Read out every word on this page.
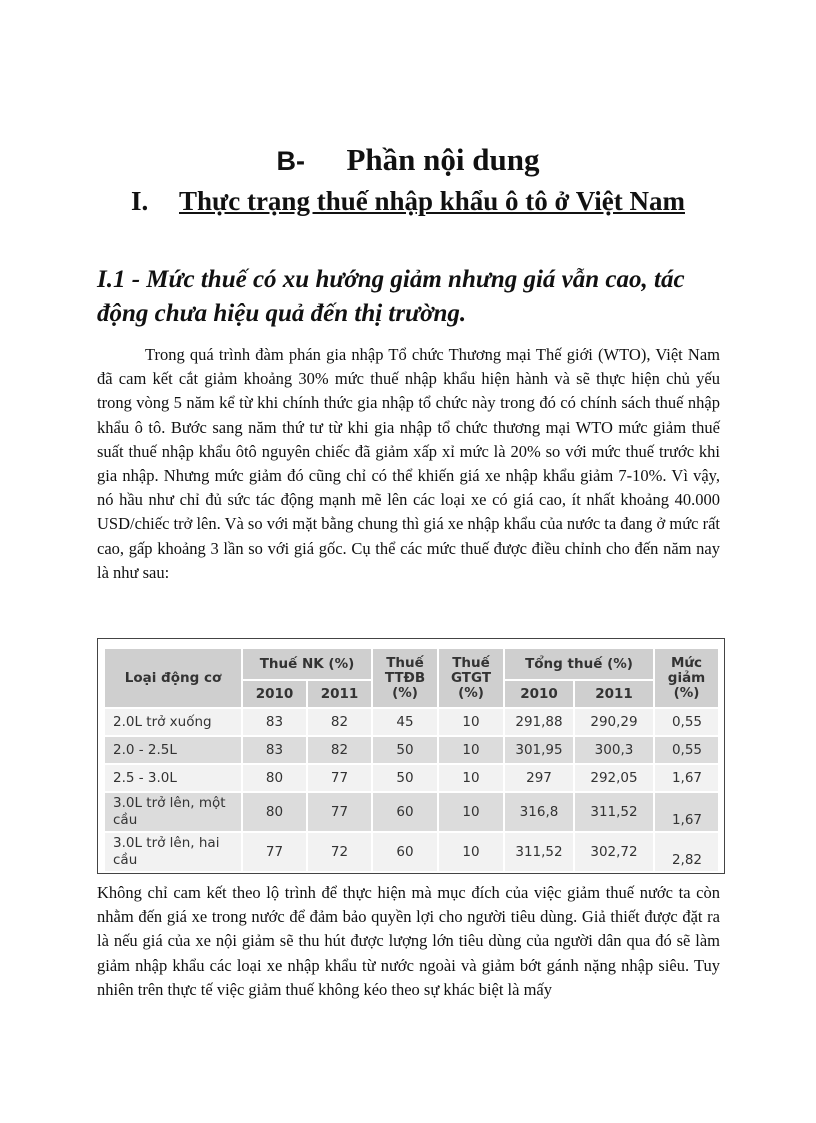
B- Phần nội dung
I. Thực trạng thuế nhập khẩu ô tô ở Việt Nam
I.1 - Mức thuế có xu hướng giảm nhưng giá vẫn cao, tác động chưa hiệu quả đến thị trường.

Trong quá trình đàm phán gia nhập Tổ chức Thương mại Thế giới (WTO), Việt Nam đã cam kết cắt giảm khoảng 30% mức thuế nhập khẩu hiện hành và sẽ thực hiện chủ yếu trong vòng 5 năm kể từ khi chính thức gia nhập tổ chức này trong đó có chính sách thuế nhập khẩu ô tô. Bước sang năm thứ tư từ khi gia nhập tổ chức thương mại WTO mức giảm thuế suất thuế nhập khẩu ôtô nguyên chiếc đã giảm xấp xỉ mức là 20% so với mức thuế trước khi gia nhập. Nhưng mức giảm đó cũng chỉ có thể khiến giá xe nhập khẩu giảm 7-10%. Vì vậy, nó hầu như chỉ đủ sức tác động mạnh mẽ lên các loại xe có giá cao, ít nhất khoảng 40.000 USD/chiếc trở lên. Và so với mặt bằng chung thì giá xe nhập khẩu của nước ta đang ở mức rất cao, gấp khoảng 3 lần so với giá gốc. Cụ thể các mức thuế được điều chỉnh cho đến năm nay là như sau:

Loại động cơ	Thuế NK (%)		Thuế TTĐB (%)	Thuế GTGT (%)	Tổng thuế (%)		Mức giảm (%)
	2010	2011			2010	2011	
2.0L trở xuống	83	82	45	10	291,88	290,29	0,55
2.0 - 2.5L	83	82	50	10	301,95	300,3	0,55
2.5 - 3.0L	80	77	50	10	297	292,05	1,67
3.0L trở lên, một cầu	80	77	60	10	316,8	311,52	1,67
3.0L trở lên, hai cầu	77	72	60	10	311,52	302,72	2,82

Không chỉ cam kết theo lộ trình để thực hiện mà mục đích của việc giảm thuế nước ta còn nhằm đến giá xe trong nước để đảm bảo quyền lợi cho người tiêu dùng. Giả thiết được đặt ra là nếu giá của xe nội giảm sẽ thu hút được lượng lớn tiêu dùng của người dân qua đó sẽ làm giảm nhập khẩu các loại xe nhập khẩu từ nước ngoài và giảm bớt gánh nặng nhập siêu. Tuy nhiên trên thực tế việc giảm thuế không kéo theo sự khác biệt là mấy
